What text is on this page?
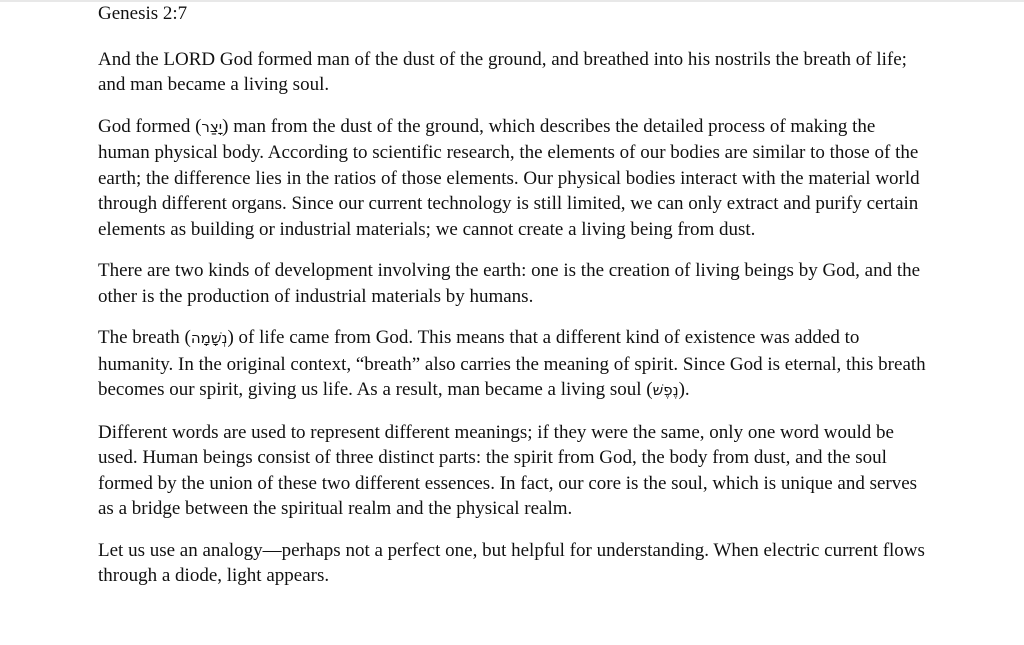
Genesis 2:7

And the LORD God formed man of the dust of the ground, and breathed into his nostrils the breath of life; and man became a living soul.

God formed (יָצַר) man from the dust of the ground, which describes the detailed process of making the human physical body. According to scientific research, the elements of our bodies are similar to those of the earth; the difference lies in the ratios of those elements. Our physical bodies interact with the material world through different organs. Since our current technology is still limited, we can only extract and purify certain elements as building or industrial materials; we cannot create a living being from dust.

There are two kinds of development involving the earth: one is the creation of living beings by God, and the other is the production of industrial materials by humans.

The breath (נְשָׁמָה) of life came from God. This means that a different kind of existence was added to humanity. In the original context, “breath” also carries the meaning of spirit. Since God is eternal, this breath becomes our spirit, giving us life. As a result, man became a living soul (נֶפֶשׁ).

Different words are used to represent different meanings; if they were the same, only one word would be used. Human beings consist of three distinct parts: the spirit from God, the body from dust, and the soul formed by the union of these two different essences. In fact, our core is the soul, which is unique and serves as a bridge between the spiritual realm and the physical realm.

Let us use an analogy—perhaps not a perfect one, but helpful for understanding. When electric current flows through a diode, light appears.
